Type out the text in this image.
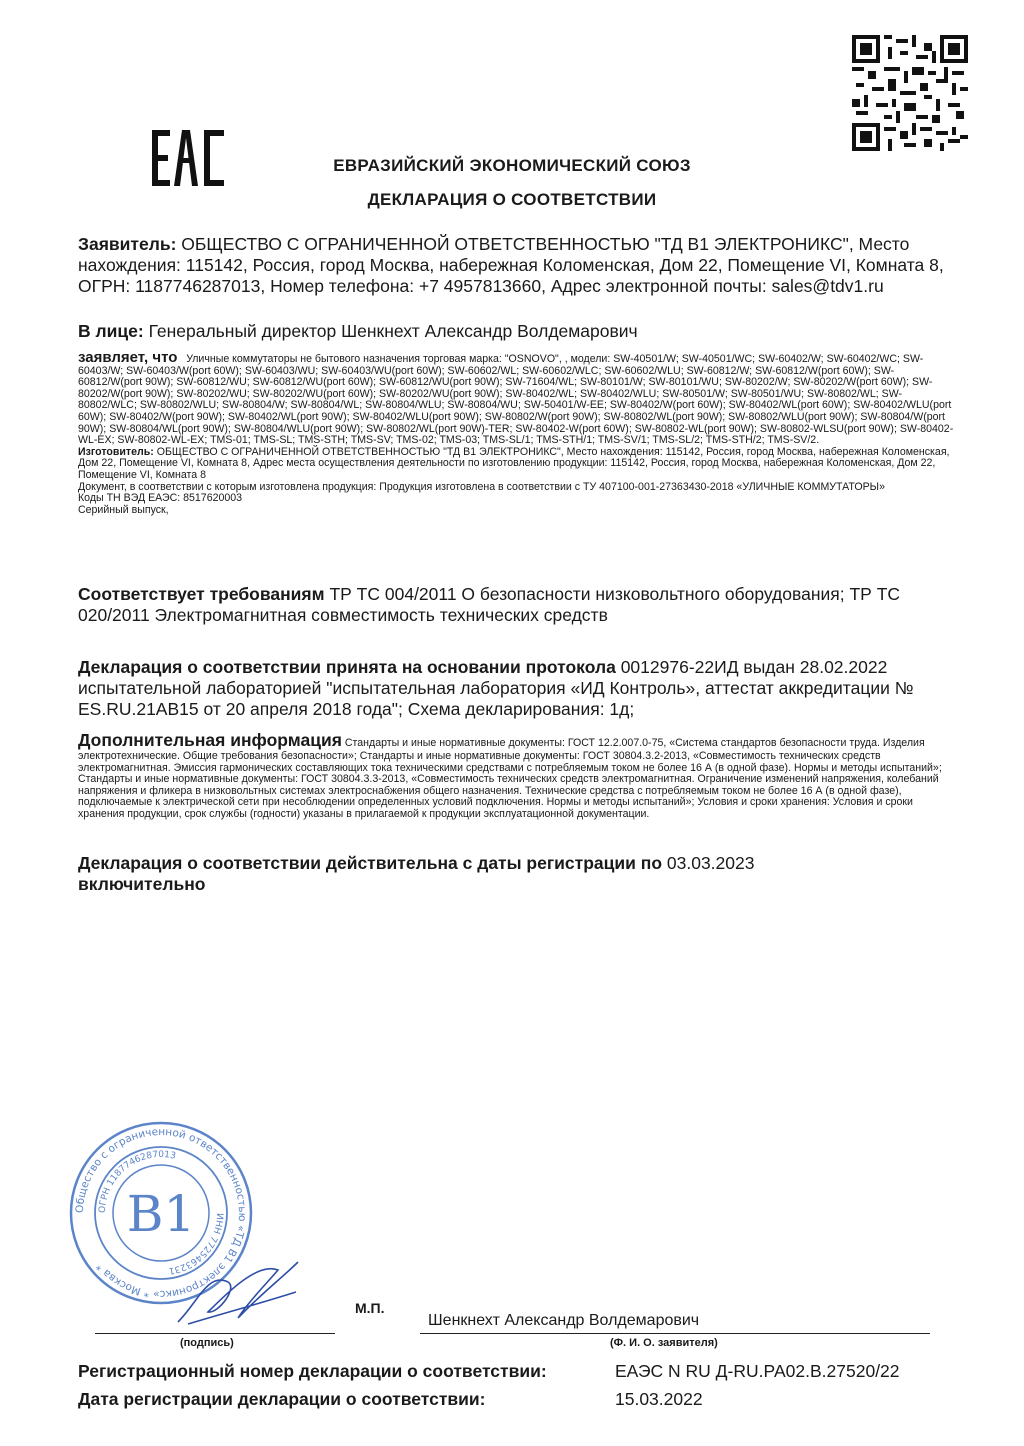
ЕВРАЗИЙСКИЙ ЭКОНОМИЧЕСКИЙ СОЮЗ
ДЕКЛАРАЦИЯ О СООТВЕТСТВИИ
Заявитель: ОБЩЕСТВО С ОГРАНИЧЕННОЙ ОТВЕТСТВЕННОСТЬЮ "ТД В1 ЭЛЕКТРОНИКС", Место нахождения: 115142, Россия, город Москва, набережная Коломенская, Дом 22, Помещение VI, Комната 8, ОГРН: 1187746287013, Номер телефона: +7 4957813660, Адрес электронной почты: sales@tdv1.ru
В лице: Генеральный директор Шенкнехт Александр Волдемарович
заявляет, что Уличные коммутаторы не бытового назначения торговая марка: "OSNOVO", , модели: SW-40501/W; SW-40501/WC; SW-60402/W; SW-60402/WC; SW-60403/W; SW-60403/W(port 60W); SW-60403/WU; SW-60403/WU(port 60W); SW-60602/WL; SW-60602/WLC; SW-60602/WLU; SW-60812/W; SW-60812/W(port 60W); SW-60812/W(port 90W); SW-60812/WU; SW-60812/WU(port 60W); SW-60812/WU(port 90W); SW-71604/WL; SW-80101/W; SW-80101/WU; SW-80202/W; SW-80202/W(port 60W); SW-80202/W(port 90W); SW-80202/WU; SW-80202/WU(port 60W); SW-80202/WU(port 90W); SW-80402/WL; SW-80402/WLU; SW-80501/W; SW-80501/WU; SW-80802/WL; SW-80802/WLC; SW-80802/WLU; SW-80804/W; SW-80804/WL; SW-80804/WLU; SW-80804/WU; SW-50401/W-EE; SW-80402/W(port 60W); SW-80402/WL(port 60W); SW-80402/WLU(port 60W); SW-80402/W(port 90W); SW-80402/WL(port 90W); SW-80402/WLU(port 90W); SW-80802/W(port 90W); SW-80802/WL(port 90W); SW-80802/WLU(port 90W); SW-80804/W(port 90W); SW-80804/WL(port 90W); SW-80804/WLU(port 90W); SW-80802/WL(port 90W)-TER; SW-80402-W(port 60W); SW-80802-WL(port 90W); SW-80802-WLSU(port 90W); SW-80402-WL-EX; SW-80802-WL-EX; TMS-01; TMS-SL; TMS-STH; TMS-SV; TMS-02; TMS-03; TMS-SL/1; TMS-STH/1; TMS-SV/1; TMS-SL/2; TMS-STH/2; TMS-SV/2.
Изготовитель: ОБЩЕСТВО С ОГРАНИЧЕННОЙ ОТВЕТСТВЕННОСТЬЮ "ТД В1 ЭЛЕКТРОНИКС", Место нахождения: 115142, Россия, город Москва, набережная Коломенская, Дом 22, Помещение VI, Комната 8, Адрес места осуществления деятельности по изготовлению продукции: 115142, Россия, город Москва, набережная Коломенская, Дом 22, Помещение VI, Комната 8
Документ, в соответствии с которым изготовлена продукция: Продукция изготовлена в соответствии с ТУ 407100-001-27363430-2018 «УЛИЧНЫЕ КОММУТАТОРЫ»
Коды ТН ВЭД ЕАЭС: 8517620003
Серийный выпуск,
Соответствует требованиям ТР ТС 004/2011 О безопасности низковольтного оборудования; ТР ТС 020/2011 Электромагнитная совместимость технических средств
Декларация о соответствии принята на основании протокола 0012976-22ИД выдан 28.02.2022 испытательной лабораторией "испытательная лаборатория «ИД Контроль», аттестат аккредитации № ES.RU.21АВ15 от 20 апреля 2018 года"; Схема декларирования: 1д;
Дополнительная информация Стандарты и иные нормативные документы: ГОСТ 12.2.007.0-75, «Система стандартов безопасности труда. Изделия электротехнические. Общие требования безопасности»; Стандарты и иные нормативные документы: ГОСТ 30804.3.2-2013, «Совместимость технических средств электромагнитная. Эмиссия гармонических составляющих тока техническими средствами с потребляемым током не более 16 А (в одной фазе). Нормы и методы испытаний»; Стандарты и иные нормативные документы: ГОСТ 30804.3.3-2013, «Совместимость технических средств электромагнитная. Ограничение изменений напряжения, колебаний напряжения и фликера в низковольтных системах электроснабжения общего назначения. Технические средства с потребляемым током не более 16 А (в одной фазе), подключаемые к электрической сети при несоблюдении определенных условий подключения. Нормы и методы испытаний»; Условия и сроки хранения: Условия и сроки хранения продукции, срок службы (годности) указаны в прилагаемой к продукции эксплуатационной документации.
Декларация о соответствии действительна с даты регистрации по 03.03.2023
включительно
Общество с ограниченной ответственностью «ТД В1 электроникс» * Москва *
ОГРН 1187746287013
ИНН 7725463231
В1
М.П.
(подпись)
Шенкнехт Александр Волдемарович
(Ф. И. О. заявителя)
Регистрационный номер декларации о соответствии:	ЕАЭС N RU Д-RU.РА02.В.27520/22
Дата регистрации декларации о соответствии:	15.03.2022
